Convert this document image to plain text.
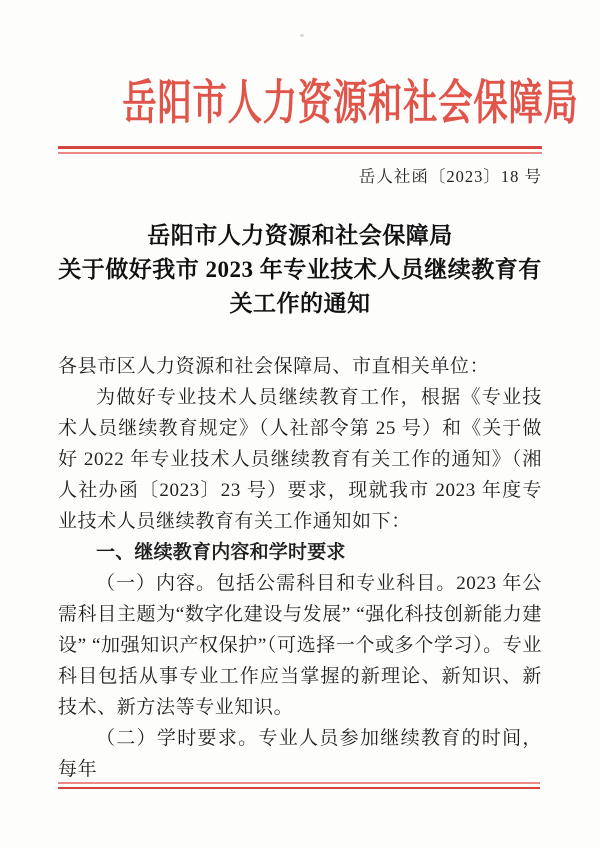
岳阳市人力资源和社会保障局
岳人社函〔2023〕18 号
岳阳市人力资源和社会保障局
关于做好我市 2023 年专业技术人员继续教育有
关工作的通知

各县市区人力资源和社会保障局、市直相关单位：

为做好专业技术人员继续教育工作，根据《专业技术人员继续教育规定》（人社部令第 25 号）和《关于做好 2022 年专业技术人员继续教育有关工作的通知》（湘人社办函〔2023〕23 号）要求，现就我市 2023 年度专业技术人员继续教育有关工作通知如下：

一、继续教育内容和学时要求

（一）内容。包括公需科目和专业科目。2023 年公需科目主题为“数字化建设与发展” “强化科技创新能力建设” “加强知识产权保护”（可选择一个或多个学习）。专业科目包括从事专业工作应当掌握的新理论、新知识、新技术、新方法等专业知识。

（二）学时要求。专业人员参加继续教育的时间，每年
